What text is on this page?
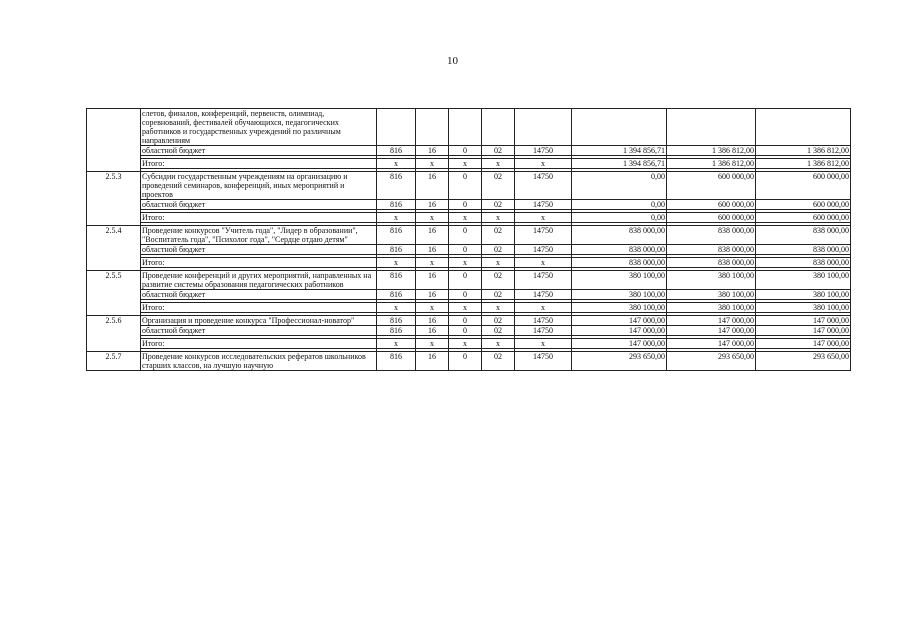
10
	слетов, финалов, конференций, первенств, олимпиад, соревнований, фестивалей обучающихся, педагогических работников и государственных учреждений по различным направлениям								
	областной бюджет	816	16	0	02	14750	1 394 856,71	1 386 812,00	1 386 812,00

	Итого:	х	х	х	х	х	1 394 856,71	1 386 812,00	1 386 812,00

2.5.3	Субсидии государственным учреждениям на организацию и проведений семинаров, конференций, иных мероприятий и проектов	816	16	0	02	14750	0,00	600 000,00	600 000,00
	областной бюджет	816	16	0	02	14750	0,00	600 000,00	600 000,00

	Итого:	х	х	х	х	х	0,00	600 000,00	600 000,00

2.5.4	Проведение конкурсов "Учитель года", "Лидер в образовании", "Воспитатель года", "Психолог года", "Сердце отдаю детям"	816	16	0	02	14750	838 000,00	838 000,00	838 000,00
	областной бюджет	816	16	0	02	14750	838 000,00	838 000,00	838 000,00

	Итого:	х	х	х	х	х	838 000,00	838 000,00	838 000,00

2.5.5	Проведение конференций и других мероприятий, направленных на развитие системы образования педагогических работников	816	16	0	02	14750	380 100,00	380 100,00	380 100,00
	областной бюджет	816	16	0	02	14750	380 100,00	380 100,00	380 100,00

	Итого:	х	х	х	х	х	380 100,00	380 100,00	380 100,00

2.5.6	Организация и проведение конкурса "Профессионал-новатор"	816	16	0	02	14750	147 000,00	147 000,00	147 000,00
	областной бюджет	816	16	0	02	14750	147 000,00	147 000,00	147 000,00

	Итого:	х	х	х	х	х	147 000,00	147 000,00	147 000,00

2.5.7	Проведение конкурсов исследовательских рефератов школьников старших классов, на лучшую научную	816	16	0	02	14750	293 650,00	293 650,00	293 650,00
